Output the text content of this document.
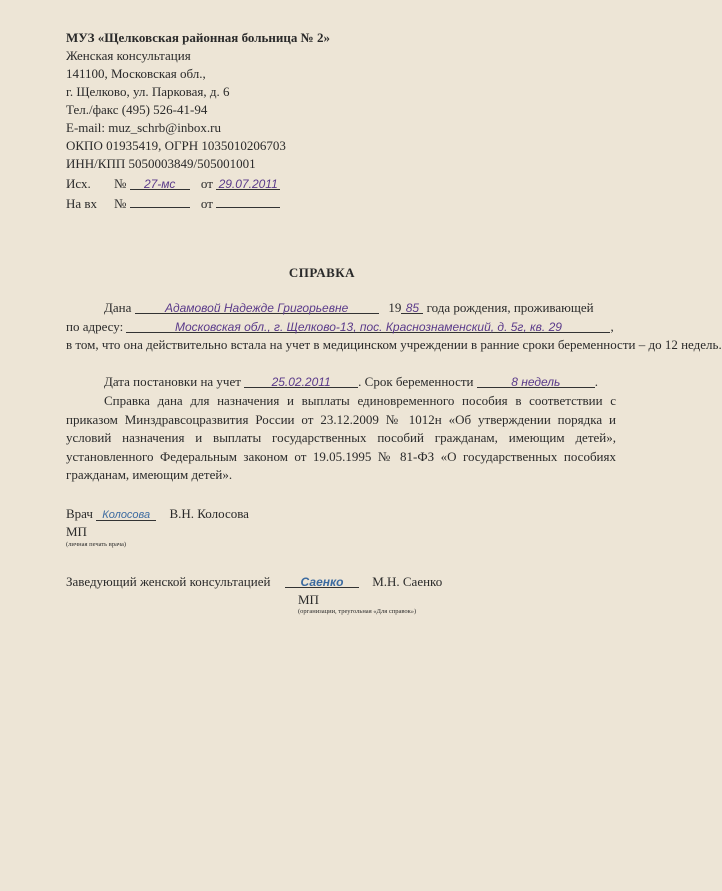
МУЗ «Щелковская районная больница № 2»
Женская консультация
141100, Московская обл.,
г. Щелково, ул. Парковая, д. 6
Тел./факс (495) 526-41-94
E-mail: muz_schrb@inbox.ru
ОКПО 01935419, ОГРН 1035010206703
ИНН/КПП 5050003849/505001001
Исх. № 27-мс от 29.07.2011
На вх №	от
СПРАВКА
Дана	Адамовой Надежде Григорьевне	19 85 года рождения, проживающей
по адресу:	Московская обл., г. Щелково-13, пос. Краснознаменский, д. 5г, кв. 29	,
в том, что она действительно встала на учет в медицинском учреждении в ранние сроки беременности – до 12 недель.
Дата постановки на учет	25.02.2011 . Срок беременности	8 недель	.
Справка дана для назначения и выплаты единовременного пособия в соответствии с приказом Минздравсоцразвития России от 23.12.2009 № 1012н «Об утверждении порядка и условий назначения и выплаты государственных пособий гражданам, имеющим детей», установленного Федеральным законом от 19.05.1995 № 81-ФЗ «О государственных пособиях гражданам, имеющим детей».
Врач Колосова В.Н. Колосова
МП
(личная печать врача)
Заведующий женской консультацией	Саенко М.Н. Саенко
МП
(организации, треугольная «Для справок»)
